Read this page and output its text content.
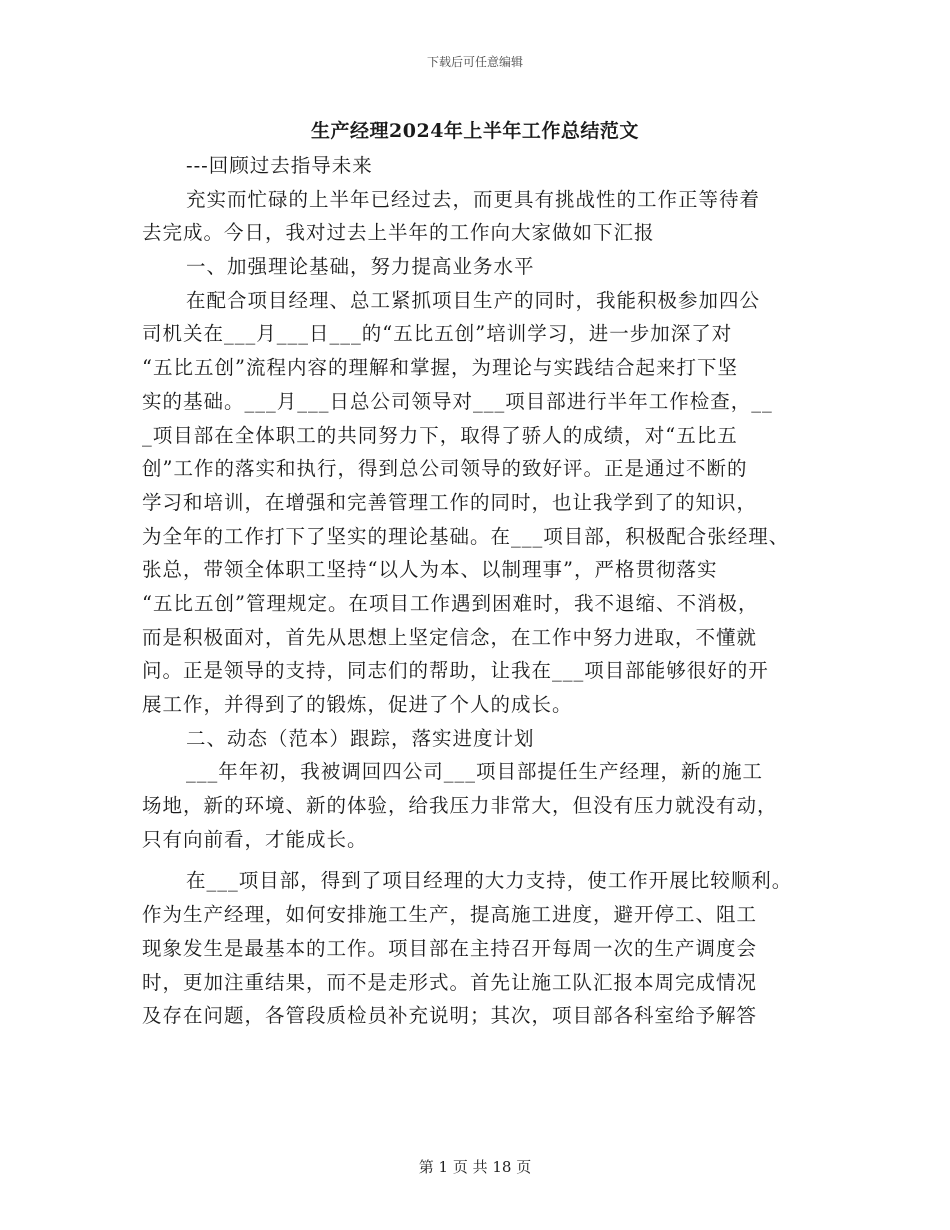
下载后可任意编辑
生产经理2024年上半年工作总结范文
---回顾过去指导未来
充实而忙碌的上半年已经过去，而更具有挑战性的工作正等待着
去完成。今日，我对过去上半年的工作向大家做如下汇报
一、加强理论基础，努力提高业务水平
在配合项目经理、总工紧抓项目生产的同时，我能积极参加四公
司机关在___月___日___的“五比五创”培训学习，进一步加深了对
“五比五创”流程内容的理解和掌握，为理论与实践结合起来打下坚
实的基础。___月___日总公司领导对___项目部进行半年工作检查，__
_项目部在全体职工的共同努力下，取得了骄人的成绩，对“五比五
创”工作的落实和执行，得到总公司领导的致好评。正是通过不断的
学习和培训，在增强和完善管理工作的同时，也让我学到了的知识，
为全年的工作打下了坚实的理论基础。在___项目部，积极配合张经理、
张总，带领全体职工坚持“以人为本、以制理事”，严格贯彻落实
“五比五创”管理规定。在项目工作遇到困难时，我不退缩、不消极，
而是积极面对，首先从思想上坚定信念，在工作中努力进取，不懂就
问。正是领导的支持，同志们的帮助，让我在___项目部能够很好的开
展工作，并得到了的锻炼，促进了个人的成长。
二、动态（范本）跟踪，落实进度计划
___年年初，我被调回四公司___项目部提任生产经理，新的施工
场地，新的环境、新的体验，给我压力非常大，但没有压力就没有动，
只有向前看，才能成长。
在___项目部，得到了项目经理的大力支持，使工作开展比较顺利。
作为生产经理，如何安排施工生产，提高施工进度，避开停工、阻工
现象发生是最基本的工作。项目部在主持召开每周一次的生产调度会
时，更加注重结果，而不是走形式。首先让施工队汇报本周完成情况
及存在问题，各管段质检员补充说明；其次，项目部各科室给予解答
第 1 页 共 18 页
